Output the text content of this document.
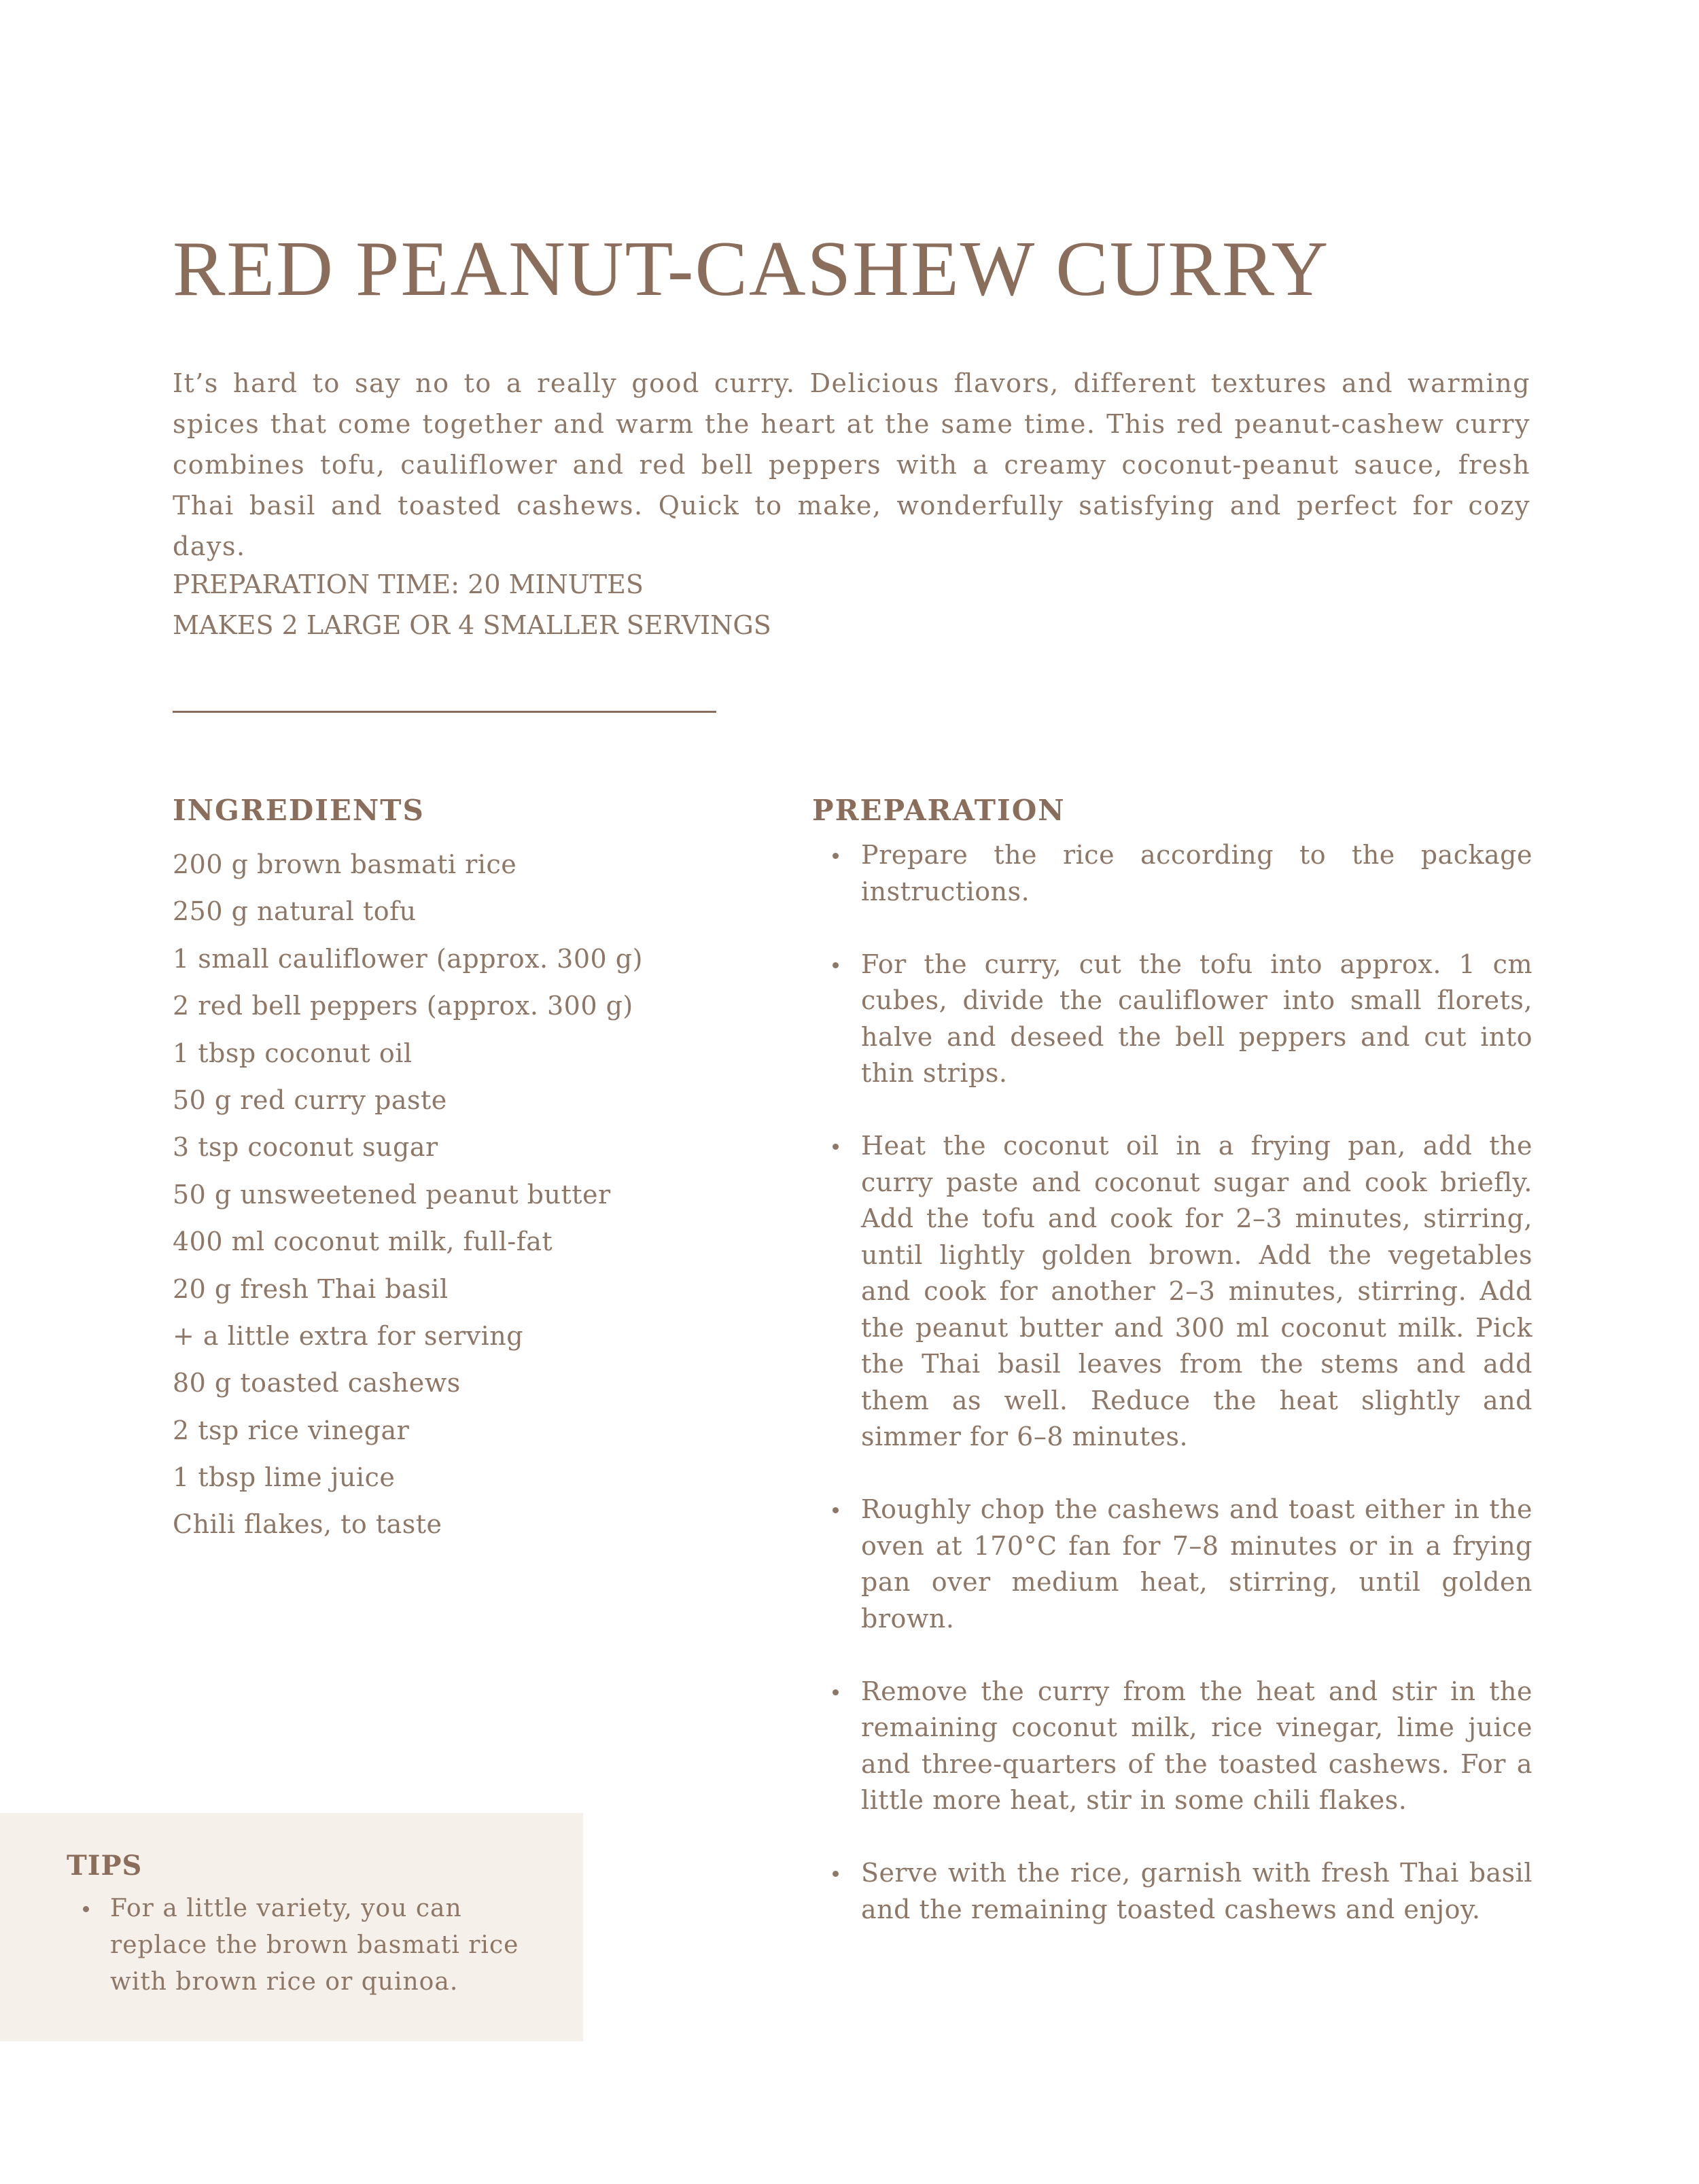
RED PEANUT-CASHEW CURRY

It’s hard to say no to a really good curry. Delicious flavors, different textures and warming spices that come together and warm the heart at the same time. This red peanut-cashew curry combines tofu, cauliflower and red bell peppers with a creamy coconut-peanut sauce, fresh Thai basil and toasted cashews. Quick to make, wonderfully satisfying and perfect for cozy days.

PREPARATION TIME: 20 MINUTES
MAKES 2 LARGE OR 4 SMALLER SERVINGS
INGREDIENTS
200 g brown basmati rice
250 g natural tofu
1 small cauliflower (approx. 300 g)
2 red bell peppers (approx. 300 g)
1 tbsp coconut oil
50 g red curry paste
3 tsp coconut sugar
50 g unsweetened peanut butter
400 ml coconut milk, full-fat
20 g fresh Thai basil
+ a little extra for serving
80 g toasted cashews
2 tsp rice vinegar
1 tbsp lime juice
Chili flakes, to taste
PREPARATION
Prepare the rice according to the package instructions.
For the curry, cut the tofu into approx. 1 cm cubes, divide the cauliflower into small florets, halve and deseed the bell peppers and cut into thin strips.
Heat the coconut oil in a frying pan, add the curry paste and coconut sugar and cook briefly. Add the tofu and cook for 2–3 minutes, stirring, until lightly golden brown. Add the vegetables and cook for another 2–3 minutes, stirring. Add the peanut butter and 300 ml coconut milk. Pick the Thai basil leaves from the stems and add them as well. Reduce the heat slightly and simmer for 6–8 minutes.
Roughly chop the cashews and toast either in the oven at 170°C fan for 7–8 minutes or in a frying pan over medium heat, stirring, until golden brown.
Remove the curry from the heat and stir in the remaining coconut milk, rice vinegar, lime juice and three-quarters of the toasted cashews. For a little more heat, stir in some chili flakes.
Serve with the rice, garnish with fresh Thai basil and the remaining toasted cashews and enjoy.
TIPS
For a little variety, you can replace the brown basmati rice with brown rice or quinoa.
